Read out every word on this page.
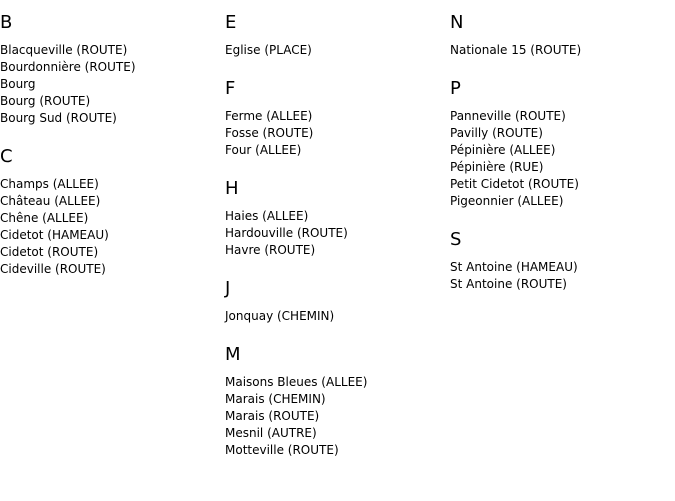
B
Blacqueville (ROUTE)
Bourdonnière (ROUTE)
Bourg
Bourg (ROUTE)
Bourg Sud (ROUTE)
C
Champs (ALLEE)
Château (ALLEE)
Chêne (ALLEE)
Cidetot (HAMEAU)
Cidetot (ROUTE)
Cideville (ROUTE)
E
Eglise (PLACE)
F
Ferme (ALLEE)
Fosse (ROUTE)
Four (ALLEE)
H
Haies (ALLEE)
Hardouville (ROUTE)
Havre (ROUTE)
J
Jonquay (CHEMIN)
M
Maisons Bleues (ALLEE)
Marais (CHEMIN)
Marais (ROUTE)
Mesnil (AUTRE)
Motteville (ROUTE)
N
Nationale 15 (ROUTE)
P
Panneville (ROUTE)
Pavilly (ROUTE)
Pépinière (ALLEE)
Pépinière (RUE)
Petit Cidetot (ROUTE)
Pigeonnier (ALLEE)
S
St Antoine (HAMEAU)
St Antoine (ROUTE)
